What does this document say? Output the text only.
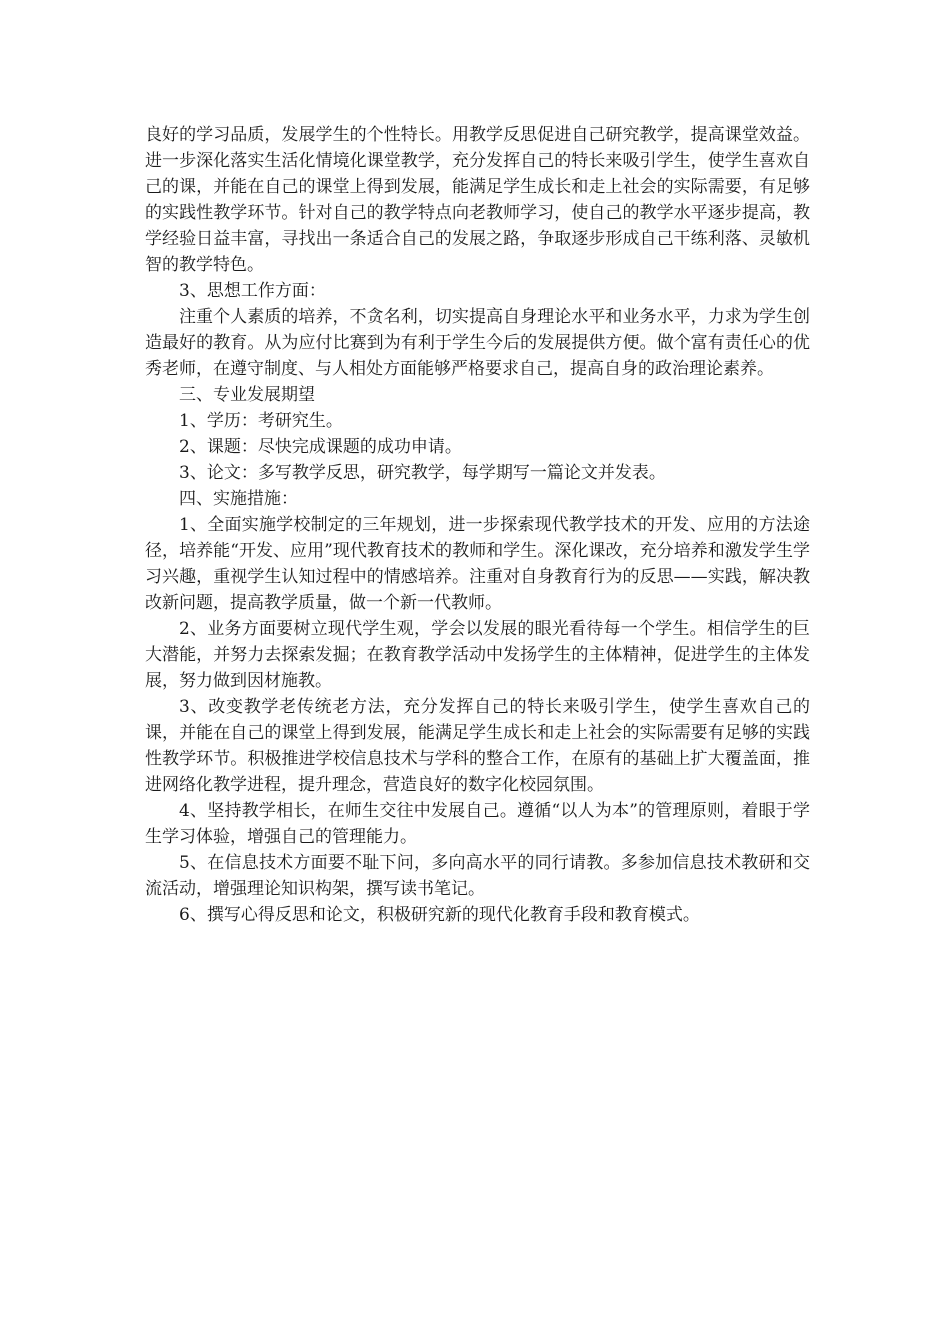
良好的学习品质，发展学生的个性特长。用教学反思促进自己研究教学，提高课堂效益。进一步深化落实生活化情境化课堂教学，充分发挥自己的特长来吸引学生，使学生喜欢自己的课，并能在自己的课堂上得到发展，能满足学生成长和走上社会的实际需要，有足够的实践性教学环节。针对自己的教学特点向老教师学习，使自己的教学水平逐步提高，教学经验日益丰富，寻找出一条适合自己的发展之路，争取逐步形成自己干练利落、灵敏机智的教学特色。

3、思想工作方面：

注重个人素质的培养，不贪名利，切实提高自身理论水平和业务水平，力求为学生创造最好的教育。从为应付比赛到为有利于学生今后的发展提供方便。做个富有责任心的优秀老师，在遵守制度、与人相处方面能够严格要求自己，提高自身的政治理论素养。

三、专业发展期望

1、学历：考研究生。

2、课题：尽快完成课题的成功申请。

3、论文：多写教学反思，研究教学，每学期写一篇论文并发表。

四、实施措施：

1、全面实施学校制定的三年规划，进一步探索现代教学技术的开发、应用的方法途径，培养能“开发、应用”现代教育技术的教师和学生。深化课改，充分培养和激发学生学习兴趣，重视学生认知过程中的情感培养。注重对自身教育行为的反思——实践，解决教改新问题，提高教学质量，做一个新一代教师。

2、业务方面要树立现代学生观，学会以发展的眼光看待每一个学生。相信学生的巨大潜能，并努力去探索发掘；在教育教学活动中发扬学生的主体精神，促进学生的主体发展，努力做到因材施教。

3、改变教学老传统老方法，充分发挥自己的特长来吸引学生，使学生喜欢自己的课，并能在自己的课堂上得到发展，能满足学生成长和走上社会的实际需要有足够的实践性教学环节。积极推进学校信息技术与学科的整合工作，在原有的基础上扩大覆盖面，推进网络化教学进程，提升理念，营造良好的数字化校园氛围。

4、坚持教学相长，在师生交往中发展自己。遵循“以人为本”的管理原则，着眼于学生学习体验，增强自己的管理能力。

5、在信息技术方面要不耻下问，多向高水平的同行请教。多参加信息技术教研和交流活动，增强理论知识构架，撰写读书笔记。

6、撰写心得反思和论文，积极研究新的现代化教育手段和教育模式。
